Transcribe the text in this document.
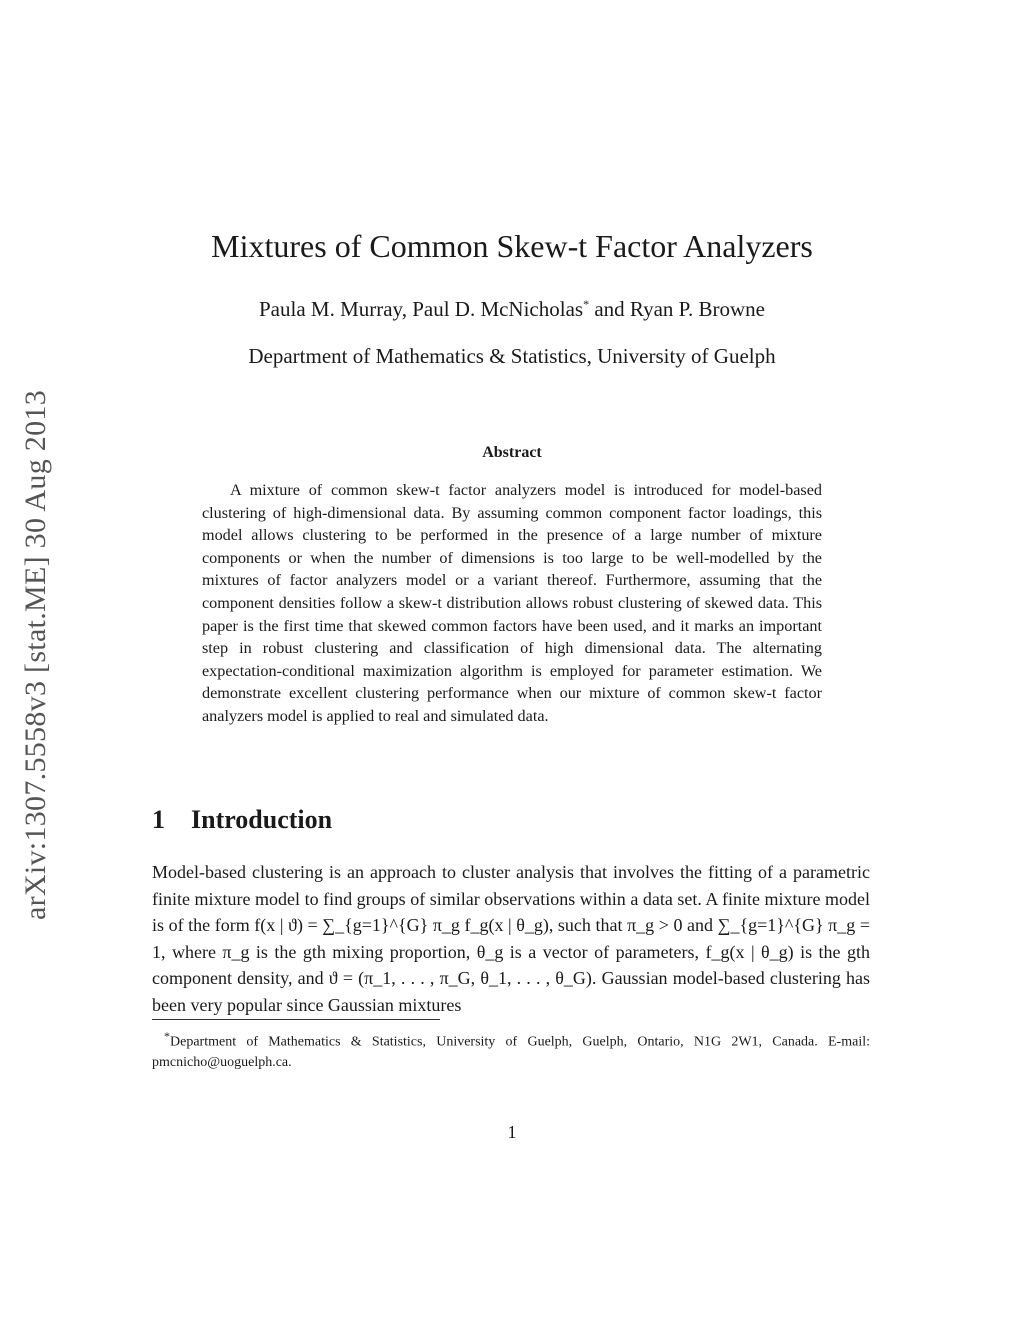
arXiv:1307.5558v3 [stat.ME] 30 Aug 2013
Mixtures of Common Skew-t Factor Analyzers
Paula M. Murray, Paul D. McNicholas* and Ryan P. Browne
Department of Mathematics & Statistics, University of Guelph
Abstract

A mixture of common skew-t factor analyzers model is introduced for model-based clustering of high-dimensional data. By assuming common component factor loadings, this model allows clustering to be performed in the presence of a large number of mixture components or when the number of dimensions is too large to be well-modelled by the mixtures of factor analyzers model or a variant thereof. Furthermore, assuming that the component densities follow a skew-t distribution allows robust clustering of skewed data. This paper is the first time that skewed common factors have been used, and it marks an important step in robust clustering and classification of high dimensional data. The alternating expectation-conditional maximization algorithm is employed for parameter estimation. We demonstrate excellent clustering performance when our mixture of common skew-t factor analyzers model is applied to real and simulated data.

1 Introduction

Model-based clustering is an approach to cluster analysis that involves the fitting of a parametric finite mixture model to find groups of similar observations within a data set. A finite mixture model is of the form f(x | ϑ) = ∑_{g=1}^{G} π_g f_g(x | θ_g), such that π_g > 0 and ∑_{g=1}^{G} π_g = 1, where π_g is the gth mixing proportion, θ_g is a vector of parameters, f_g(x | θ_g) is the gth component density, and ϑ = (π_1, . . . , π_G, θ_1, . . . , θ_G). Gaussian model-based clustering has been very popular since Gaussian mixtures

*Department of Mathematics & Statistics, University of Guelph, Guelph, Ontario, N1G 2W1, Canada. E-mail: pmcnicho@uoguelph.ca.

1
